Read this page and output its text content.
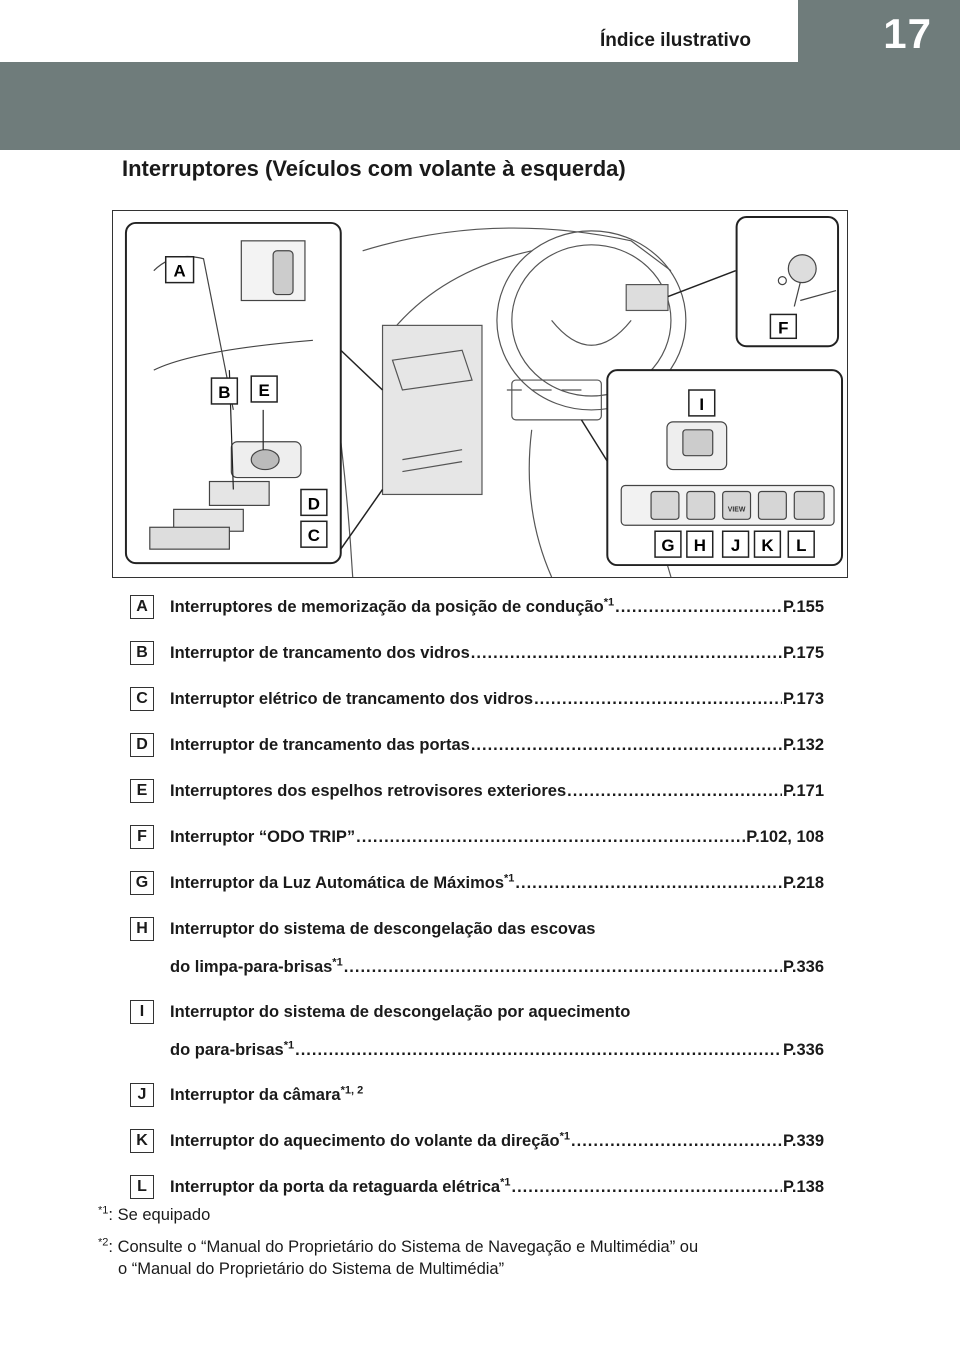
17
Índice ilustrativo
Interruptores (Veículos com volante à esquerda)
A
B E
D
C
F
VIEW
I
G H J K L
A	Interruptores de memorização da posição de condução$^{*1}$ .....	P.155
B	Interruptor de trancamento dos vidros .....	P.175
C	Interruptor elétrico de trancamento dos vidros .....	P.173
D	Interruptor de trancamento das portas .....	P.132
E	Interruptores dos espelhos retrovisores exteriores .....	P.171
F	Interruptor “ODO TRIP” .....	P.102, 108
G	Interruptor da Luz Automática de Máximos$^{*1}$ .....	P.218
H	Interruptor do sistema de descongelação das escovas
do limpa-para-brisas$^{*1}$ .....	P.336
I	Interruptor do sistema de descongelação por aquecimento
do para-brisas$^{*1}$ .....	P.336
J	Interruptor da câmara$^{*1, 2}$
K	Interruptor do aquecimento do volante da direção$^{*1}$ .....	P.339
L	Interruptor da porta da retaguarda elétrica$^{*1}$ .....	P.138
$^{*1}$: Se equipado
$^{*2}$: Consulte o “Manual do Proprietário do Sistema de Navegação e Multimédia” ou
o “Manual do Proprietário do Sistema de Multimédia”
